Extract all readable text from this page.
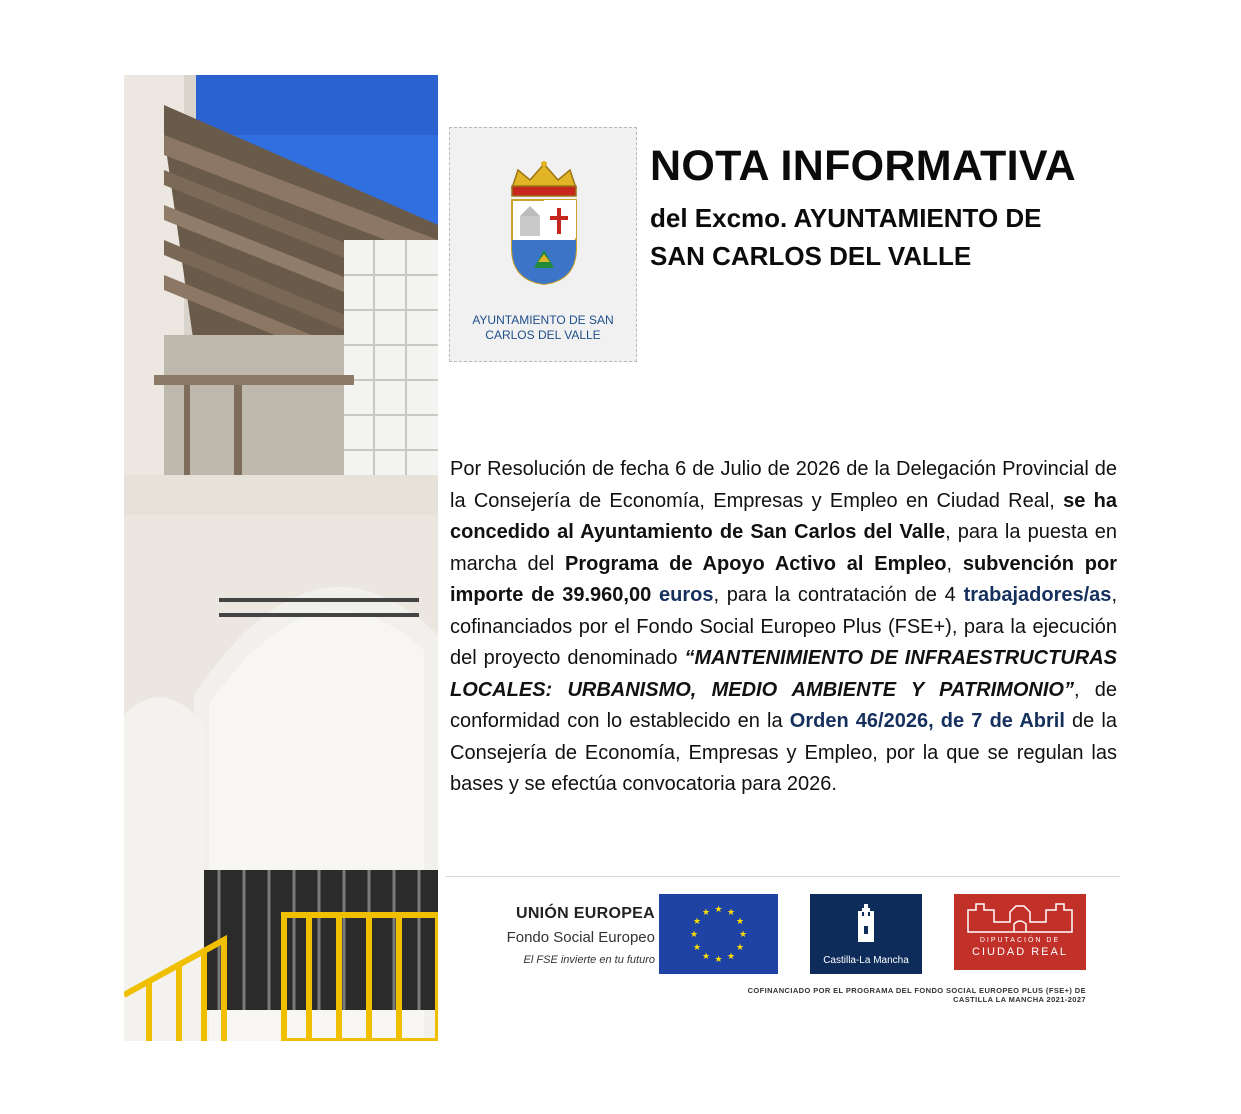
AYUNTAMIENTO DE SAN
CARLOS DEL VALLE
NOTA INFORMATIVA
del Excmo. AYUNTAMIENTO DE
SAN CARLOS DEL VALLE

Por Resolución de fecha 6 de Julio de 2026 de la Delegación Provincial de la Consejería de Economía, Empresas y Empleo en Ciudad Real, se ha concedido al Ayuntamiento de San Carlos del Valle, para la puesta en marcha del Programa de Apoyo Activo al Empleo, subvención por importe de 39.960,00 euros, para la contratación de 4 trabajadores/as, cofinanciados por el Fondo Social Europeo Plus (FSE+), para la ejecución del proyecto denominado “MANTENIMIENTO DE INFRAESTRUCTURAS LOCALES: URBANISMO, MEDIO AMBIENTE Y PATRIMONIO”, de conformidad con lo establecido en la Orden 46/2026, de 7 de Abril de la Consejería de Economía, Empresas y Empleo, por la que se regulan las bases y se efectúa convocatoria para 2026.

UNIÓN EUROPEA
Fondo Social Europeo
El FSE invierte en tu futuro
★ ★
★
★
★
★
★
★
★
★
★
★
Castilla-La Mancha
DIPUTACIÓN DE
CIUDAD REAL
COFINANCIADO POR EL PROGRAMA DEL FONDO SOCIAL EUROPEO PLUS (FSE+) DE
CASTILLA LA MANCHA 2021-2027
